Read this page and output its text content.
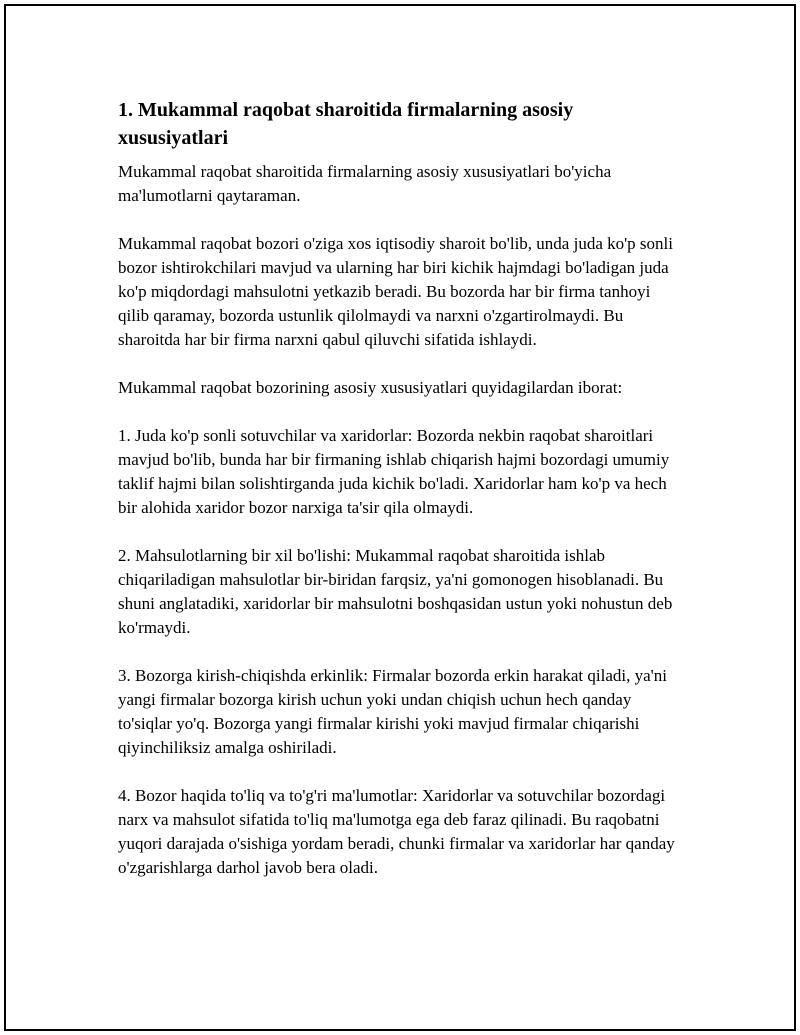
1. Mukammal raqobat sharoitida firmalarning asosiy xususiyatlari

Mukammal raqobat sharoitida firmalarning asosiy xususiyatlari bo'yicha ma'lumotlarni qaytaraman.

Mukammal raqobat bozori o'ziga xos iqtisodiy sharoit bo'lib, unda juda ko'p sonli bozor ishtirokchilari mavjud va ularning har biri kichik hajmdagi bo'ladigan juda ko'p miqdordagi mahsulotni yetkazib beradi. Bu bozorda har bir firma tanhoyi qilib qaramay, bozorda ustunlik qilolmaydi va narxni o'zgartirolmaydi. Bu sharoitda har bir firma narxni qabul qiluvchi sifatida ishlaydi.

Mukammal raqobat bozorining asosiy xususiyatlari quyidagilardan iborat:

1. Juda ko'p sonli sotuvchilar va xaridorlar: Bozorda nekbin raqobat sharoitlari mavjud bo'lib, bunda har bir firmaning ishlab chiqarish hajmi bozordagi umumiy taklif hajmi bilan solishtirganda juda kichik bo'ladi. Xaridorlar ham ko'p va hech bir alohida xaridor bozor narxiga ta'sir qila olmaydi.

2. Mahsulotlarning bir xil bo'lishi: Mukammal raqobat sharoitida ishlab chiqariladigan mahsulotlar bir-biridan farqsiz, ya'ni gomonogen hisoblanadi. Bu shuni anglatadiki, xaridorlar bir mahsulotni boshqasidan ustun yoki nohustun deb ko'rmaydi.

3. Bozorga kirish-chiqishda erkinlik: Firmalar bozorda erkin harakat qiladi, ya'ni yangi firmalar bozorga kirish uchun yoki undan chiqish uchun hech qanday to'siqlar yo'q. Bozorga yangi firmalar kirishi yoki mavjud firmalar chiqarishi qiyinchiliksiz amalga oshiriladi.

4. Bozor haqida to'liq va to'g'ri ma'lumotlar: Xaridorlar va sotuvchilar bozordagi narx va mahsulot sifatida to'liq ma'lumotga ega deb faraz qilinadi. Bu raqobatni yuqori darajada o'sishiga yordam beradi, chunki firmalar va xaridorlar har qanday o'zgarishlarga darhol javob bera oladi.
